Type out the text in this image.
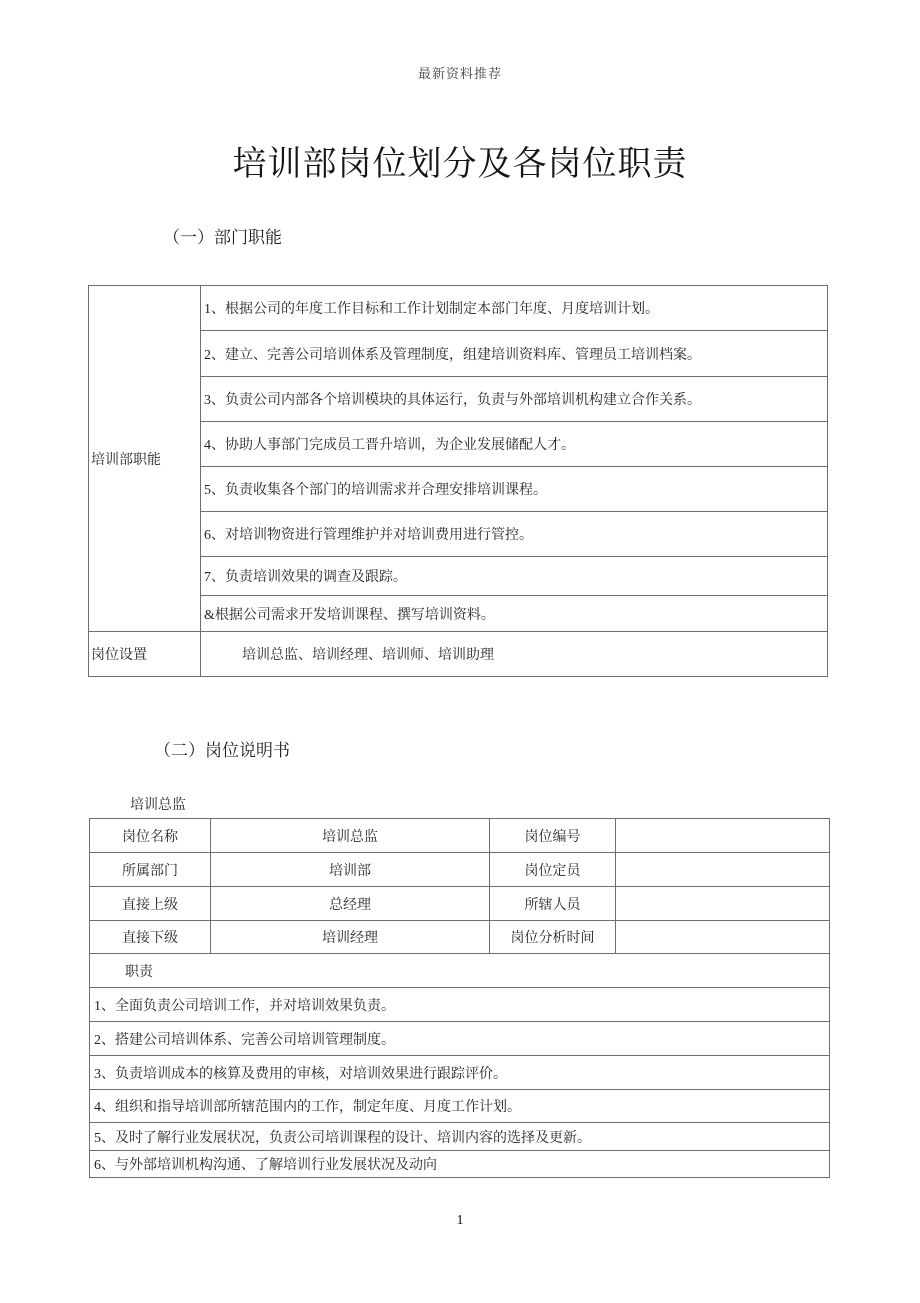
最新资料推荐
培训部岗位划分及各岗位职责
（一）部门职能
培训部职能	1、根据公司的年度工作目标和工作计划制定本部门年度、月度培训计划。
	2、建立、完善公司培训体系及管理制度，组建培训资料库、管理员工培训档案。
	3、负责公司内部各个培训模块的具体运行，负责与外部培训机构建立合作关系。
	4、协助人事部门完成员工晋升培训，为企业发展储配人才。
	5、负责收集各个部门的培训需求并合理安排培训课程。
	6、对培训物资进行管理维护并对培训费用进行管控。
	7、负责培训效果的调查及跟踪。
	&根据公司需求开发培训课程、撰写培训资料。
岗位设置	培训总监、培训经理、培训师、培训助理
（二）岗位说明书
培训总监
岗位名称	培训总监	岗位编号	
所属部门	培训部	岗位定员	
直接上级	总经理	所辖人员	
直接下级	培训经理	岗位分析时间	
职责			
1、全面负责公司培训工作，并对培训效果负责。			
2、搭建公司培训体系、完善公司培训管理制度。			
3、负责培训成本的核算及费用的审核，对培训效果进行跟踪评价。			
4、组织和指导培训部所辖范围内的工作，制定年度、月度工作计划。			
5、及时了解行业发展状况，负责公司培训课程的设计、培训内容的选择及更新。			
6、与外部培训机构沟通、了解培训行业发展状况及动向			
1
